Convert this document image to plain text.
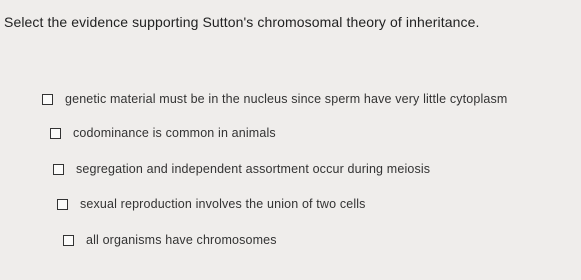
Select the evidence supporting Sutton's chromosomal theory of inheritance.
genetic material must be in the nucleus since sperm have very little cytoplasm
codominance is common in animals
segregation and independent assortment occur during meiosis
sexual reproduction involves the union of two cells
all organisms have chromosomes
